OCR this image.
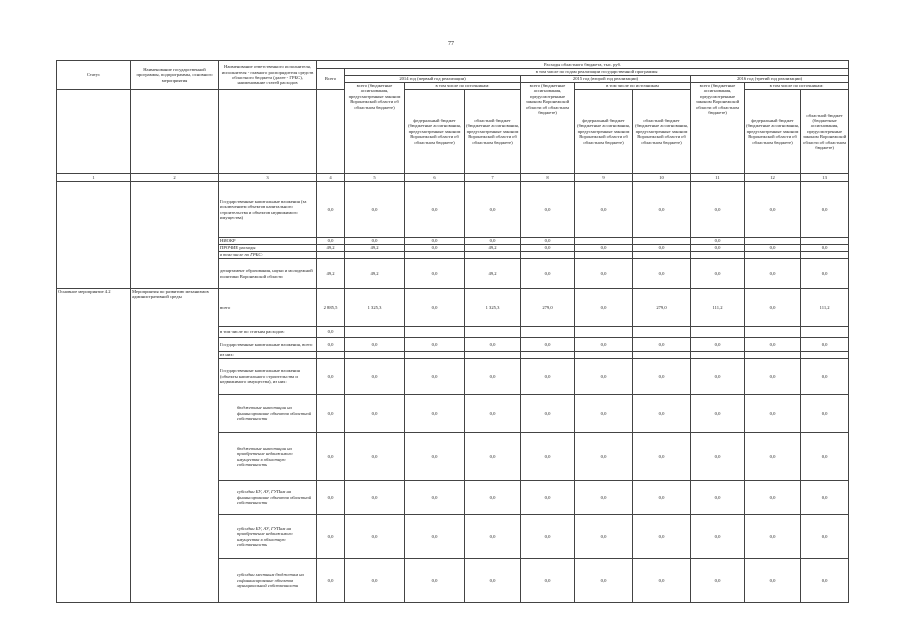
77
Статус	Наименование государственной программы, подпрограммы, основного мероприятия	Наименование ответственного исполнителя, исполнителя - главного распорядителя средств областного бюджета (далее - ГРБС), наименование статей расходов	Расходы областного бюджета, тыс. руб.									
			Всего	в том числе по годам реализации государственной программы								
				2014 год (первый год реализации)			2015 год (второй год реализации)			2016 год (третий год реализации)		
				всего (бюджетные ассигнования, предусмотренные законом Воронежской области об областном бюджете)	в том числе по источникам:		всего (бюджетные ассигнования, предусмотренные законом Воронежской области об областном бюджете)	в том числе по источникам		всего (бюджетные ассигнования, предусмотренные законом Воронежской области об областном бюджете)	в том числе по источникам:	
					федеральный бюджет (бюджетные ассигнования, предусмотренные законом Воронежской области об областном бюджете)	областной бюджет (бюджетные ассигнования, предусмотренные законом Воронежской области об областном бюджете)		федеральный бюджет (бюджетные ассигнования, предусмотренные законом Воронежской области об областном бюджете)	областной бюджет (бюджетные ассигнования, предусмотренные законом Воронежской области об областном бюджете)		федеральный бюджет (бюджетные ассигнования, предусмотренные законом Воронежской области об областном бюджете)	областной бюджет (бюджетные ассигнования, предусмотренные законом Воронежской области об областном бюджете)
1	2	3	4	5	6	7	8	9	10	11	12	13
		Государственные капитальные вложения (за исключением объектов капитального строительства и объектов недвижимого имущества)	0,0	0,0	0,0	0,0	0,0	0,0	0,0	0,0	0,0	0,0
		НИОКР	0,0	0,0	0,0	0,0	0,0			0,0		
		ПРОЧИЕ расходы	49,2	49,2	0,0	49,2	0,0	0,0	0,0	0,0	0,0	0,0
		в том числе по ГРБС:										
		департамент образования, науки и молодежной политики Воронежской области	49,2	49,2	0,0	49,2	0,0	0,0	0,0	0,0	0,0	0,0
Основное мероприятие 4.2	Мероприятия по развитию механизмов административной среды	всего	2 885,5	1 325,3	0,0	1 325,3	279,0	0,0	279,0	111,2	0,0	111,2
		в том числе по статьям расходов:	0,0									
		Государственные капитальные вложения, всего	0,0	0,0	0,0	0,0	0,0	0,0	0,0	0,0	0,0	0,0
		из них:										
		Государственные капитальные вложения (объекты капитального строительства и недвижимого имущества), из них:	0,0	0,0	0,0	0,0	0,0	0,0	0,0	0,0	0,0	0,0
		бюджетные инвестиции на финансирование объектов областной собственности	0,0	0,0	0,0	0,0	0,0	0,0	0,0	0,0	0,0	0,0
		бюджетные инвестиции на приобретение недвижимого имущества в областную собственность	0,0	0,0	0,0	0,0	0,0	0,0	0,0	0,0	0,0	0,0
		субсидии БУ, АУ, ГУПам на финансирование объектов областной собственности	0,0	0,0	0,0	0,0	0,0	0,0	0,0	0,0	0,0	0,0
		субсидии БУ, АУ, ГУПам на приобретение недвижимого имущества в областную собственность	0,0	0,0	0,0	0,0	0,0	0,0	0,0	0,0	0,0	0,0
		субсидии местным бюджетам на софинансирование объектов муниципальной собственности	0,0	0,0	0,0	0,0	0,0	0,0	0,0	0,0	0,0	0,0
